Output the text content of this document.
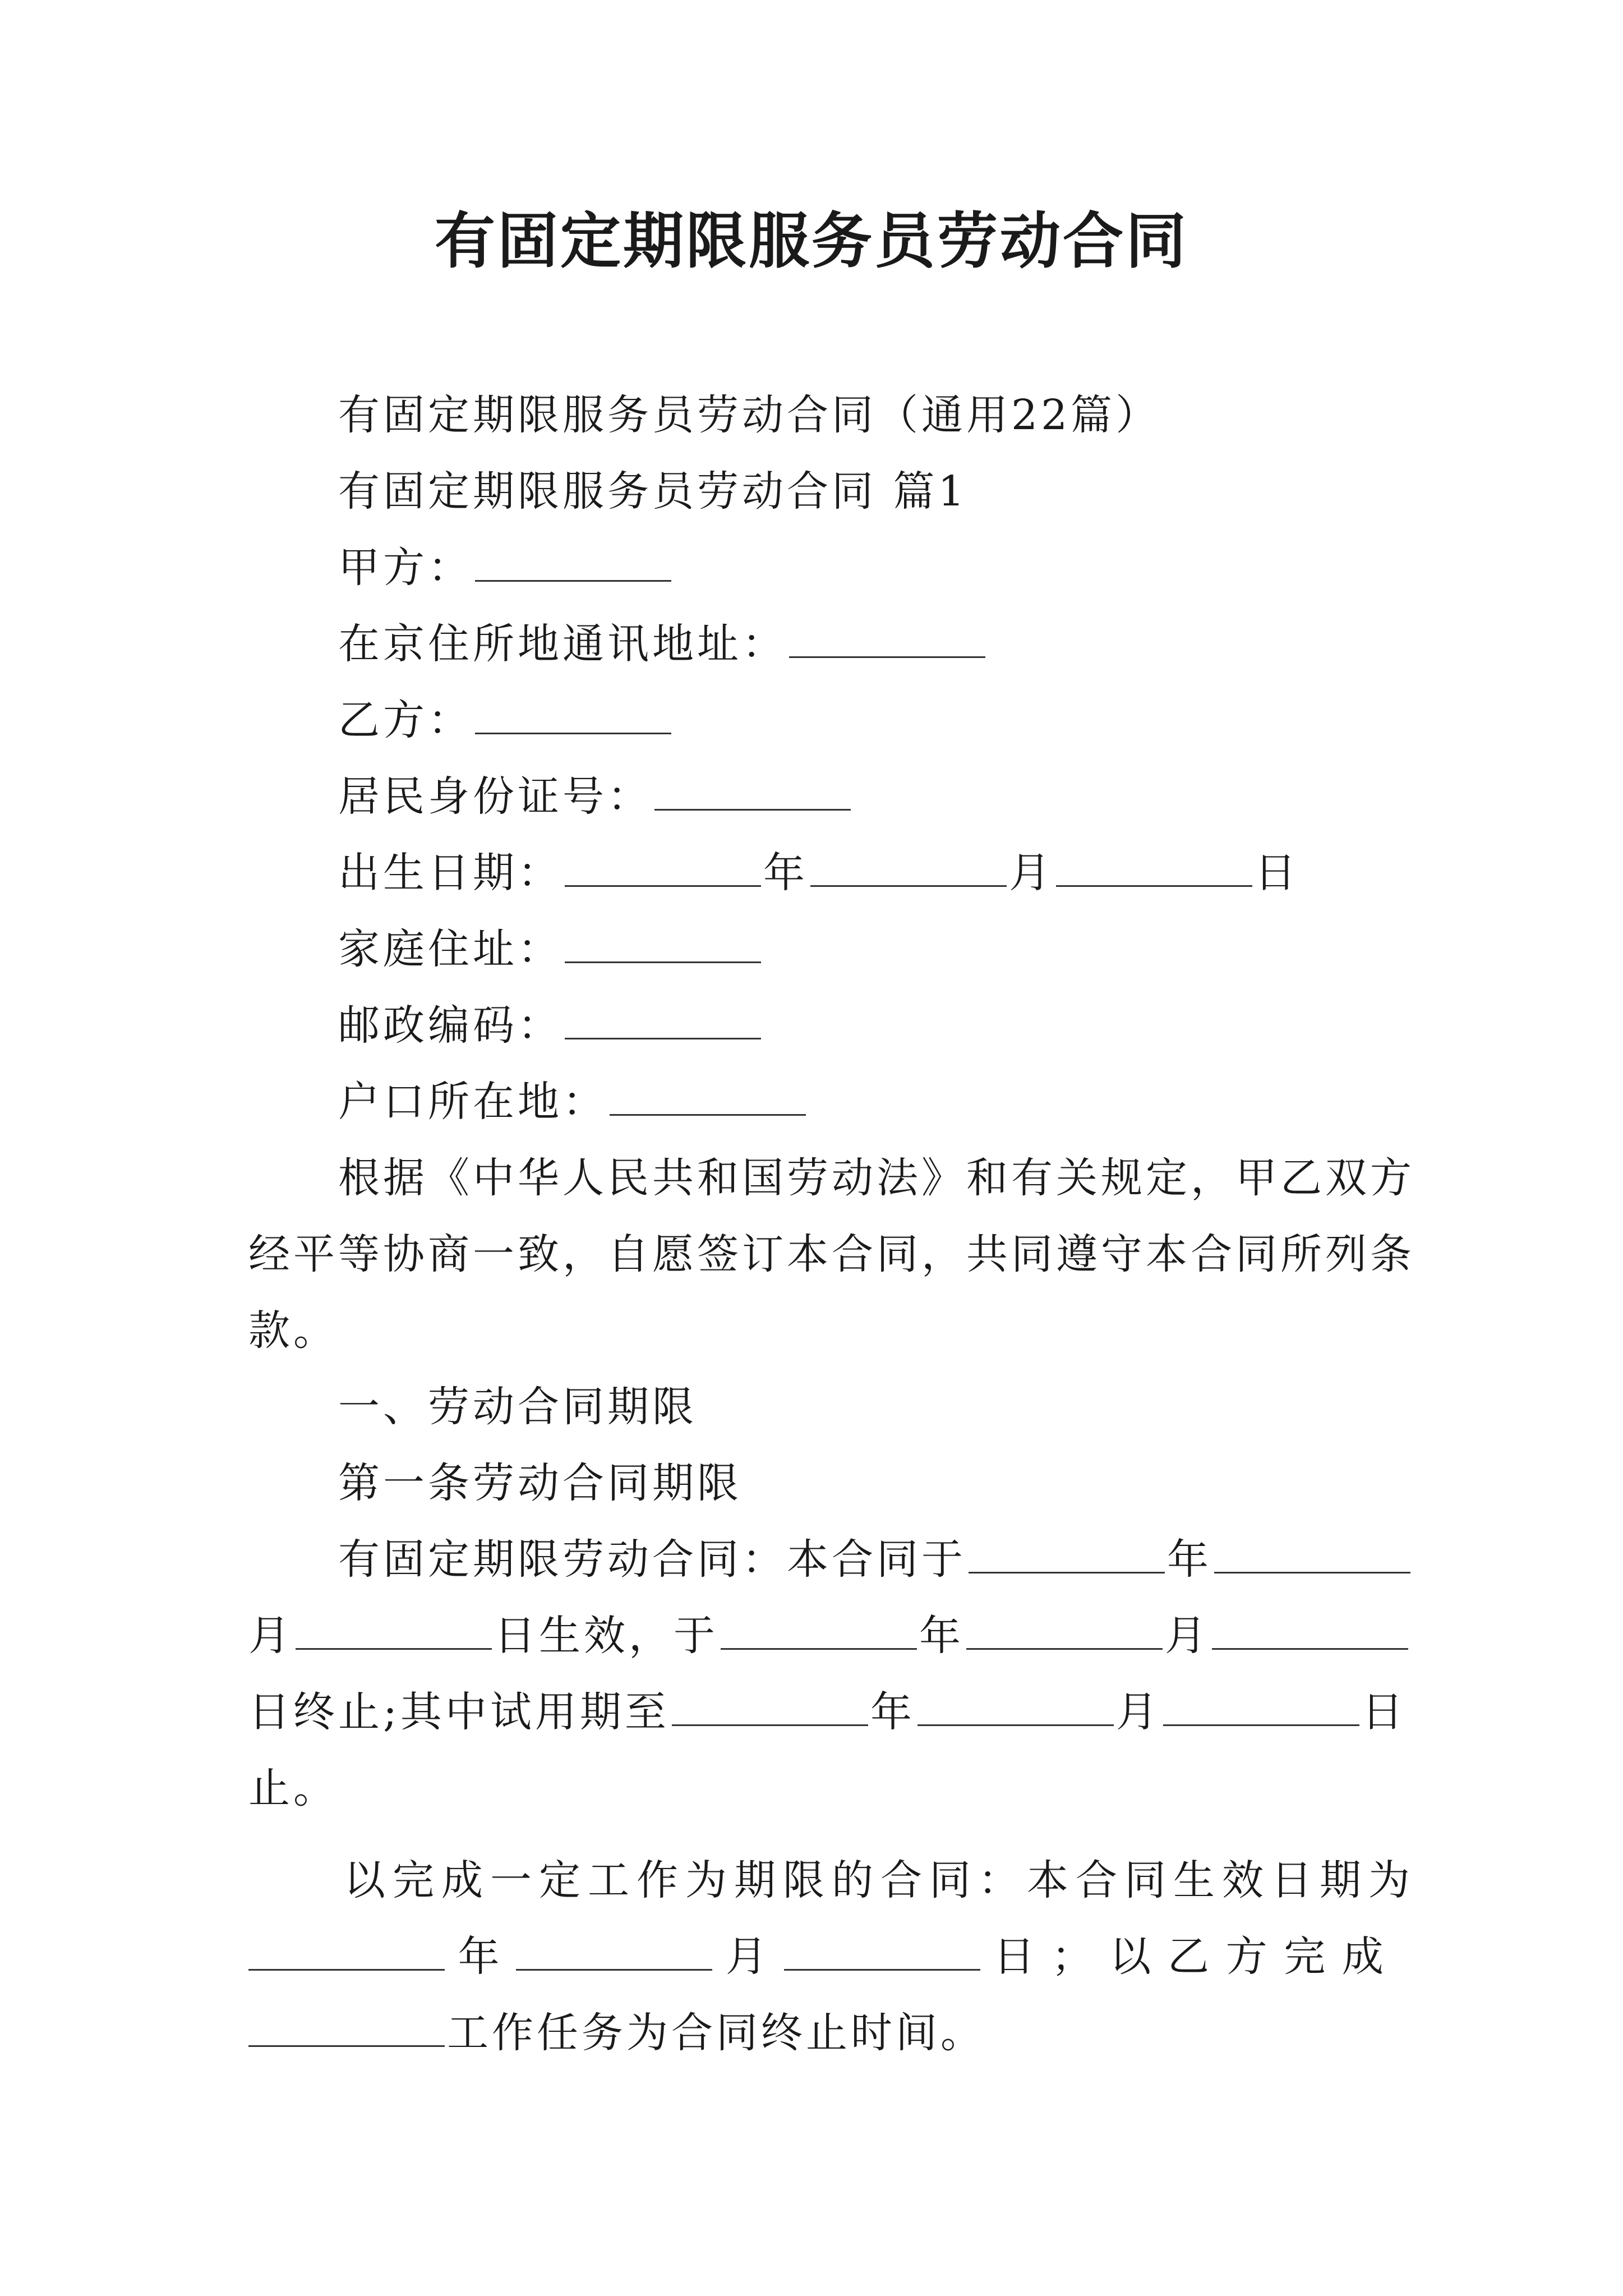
有固定期限服务员劳动合同
有固定期限服务员劳动合同（通用22篇）
有固定期限服务员劳动合同 篇1
甲方：
在京住所地通讯地址：
乙方：
居民身份证号：
出生日期：	年	月	日
家庭住址：
邮政编码：
户口所在地：
根据《中华人民共和国劳动法》和有关规定，甲乙双方
经平等协商一致，自愿签订本合同，共同遵守本合同所列条
款。
一、劳动合同期限
第一条劳动合同期限
有固定期限劳动合同：本合同于	年
月	日生效，于	年	月
日终止;其中试用期至	年	月	日
止。
以完成一定工作为期限的合同：本合同生效日期为
年	月	日 ； 以 乙 方 完 成
工作任务为合同终止时间。
